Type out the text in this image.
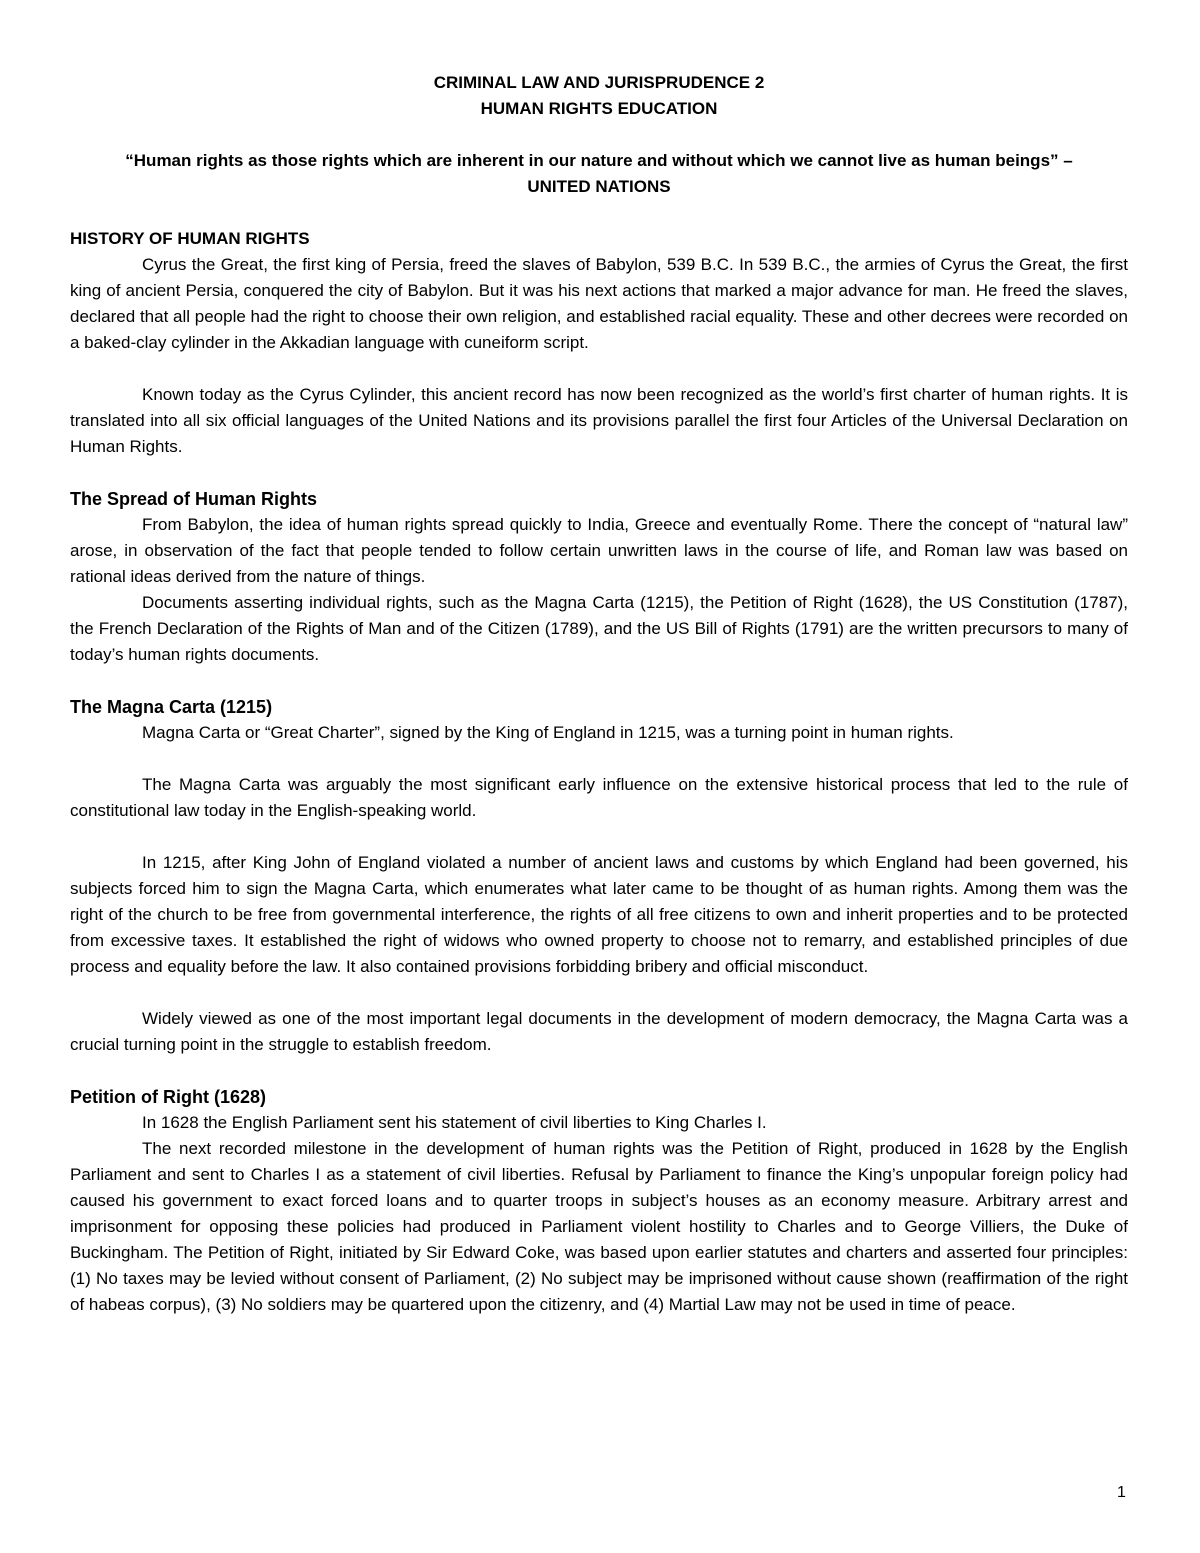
CRIMINAL LAW AND JURISPRUDENCE 2
HUMAN RIGHTS EDUCATION
“Human rights as those rights which are inherent in our nature and without which we cannot live as human beings” –
UNITED NATIONS
HISTORY OF HUMAN RIGHTS

Cyrus the Great, the first king of Persia, freed the slaves of Babylon, 539 B.C. In 539 B.C., the armies of Cyrus the Great, the first king of ancient Persia, conquered the city of Babylon. But it was his next actions that marked a major advance for man. He freed the slaves, declared that all people had the right to choose their own religion, and established racial equality. These and other decrees were recorded on a baked-clay cylinder in the Akkadian language with cuneiform script.

Known today as the Cyrus Cylinder, this ancient record has now been recognized as the world’s first charter of human rights. It is translated into all six official languages of the United Nations and its provisions parallel the first four Articles of the Universal Declaration on Human Rights.

The Spread of Human Rights

From Babylon, the idea of human rights spread quickly to India, Greece and eventually Rome. There the concept of “natural law” arose, in observation of the fact that people tended to follow certain unwritten laws in the course of life, and Roman law was based on rational ideas derived from the nature of things.

Documents asserting individual rights, such as the Magna Carta (1215), the Petition of Right (1628), the US Constitution (1787), the French Declaration of the Rights of Man and of the Citizen (1789), and the US Bill of Rights (1791) are the written precursors to many of today’s human rights documents.

The Magna Carta (1215)

Magna Carta or “Great Charter”, signed by the King of England in 1215, was a turning point in human rights.

The Magna Carta was arguably the most significant early influence on the extensive historical process that led to the rule of constitutional law today in the English-speaking world.

In 1215, after King John of England violated a number of ancient laws and customs by which England had been governed, his subjects forced him to sign the Magna Carta, which enumerates what later came to be thought of as human rights. Among them was the right of the church to be free from governmental interference, the rights of all free citizens to own and inherit properties and to be protected from excessive taxes. It established the right of widows who owned property to choose not to remarry, and established principles of due process and equality before the law. It also contained provisions forbidding bribery and official misconduct.

Widely viewed as one of the most important legal documents in the development of modern democracy, the Magna Carta was a crucial turning point in the struggle to establish freedom.

Petition of Right (1628)

In 1628 the English Parliament sent his statement of civil liberties to King Charles I.

The next recorded milestone in the development of human rights was the Petition of Right, produced in 1628 by the English Parliament and sent to Charles I as a statement of civil liberties. Refusal by Parliament to finance the King’s unpopular foreign policy had caused his government to exact forced loans and to quarter troops in subject’s houses as an economy measure. Arbitrary arrest and imprisonment for opposing these policies had produced in Parliament violent hostility to Charles and to George Villiers, the Duke of Buckingham. The Petition of Right, initiated by Sir Edward Coke, was based upon earlier statutes and charters and asserted four principles: (1) No taxes may be levied without consent of Parliament, (2) No subject may be imprisoned without cause shown (reaffirmation of the right of habeas corpus), (3) No soldiers may be quartered upon the citizenry, and (4) Martial Law may not be used in time of peace.

1
